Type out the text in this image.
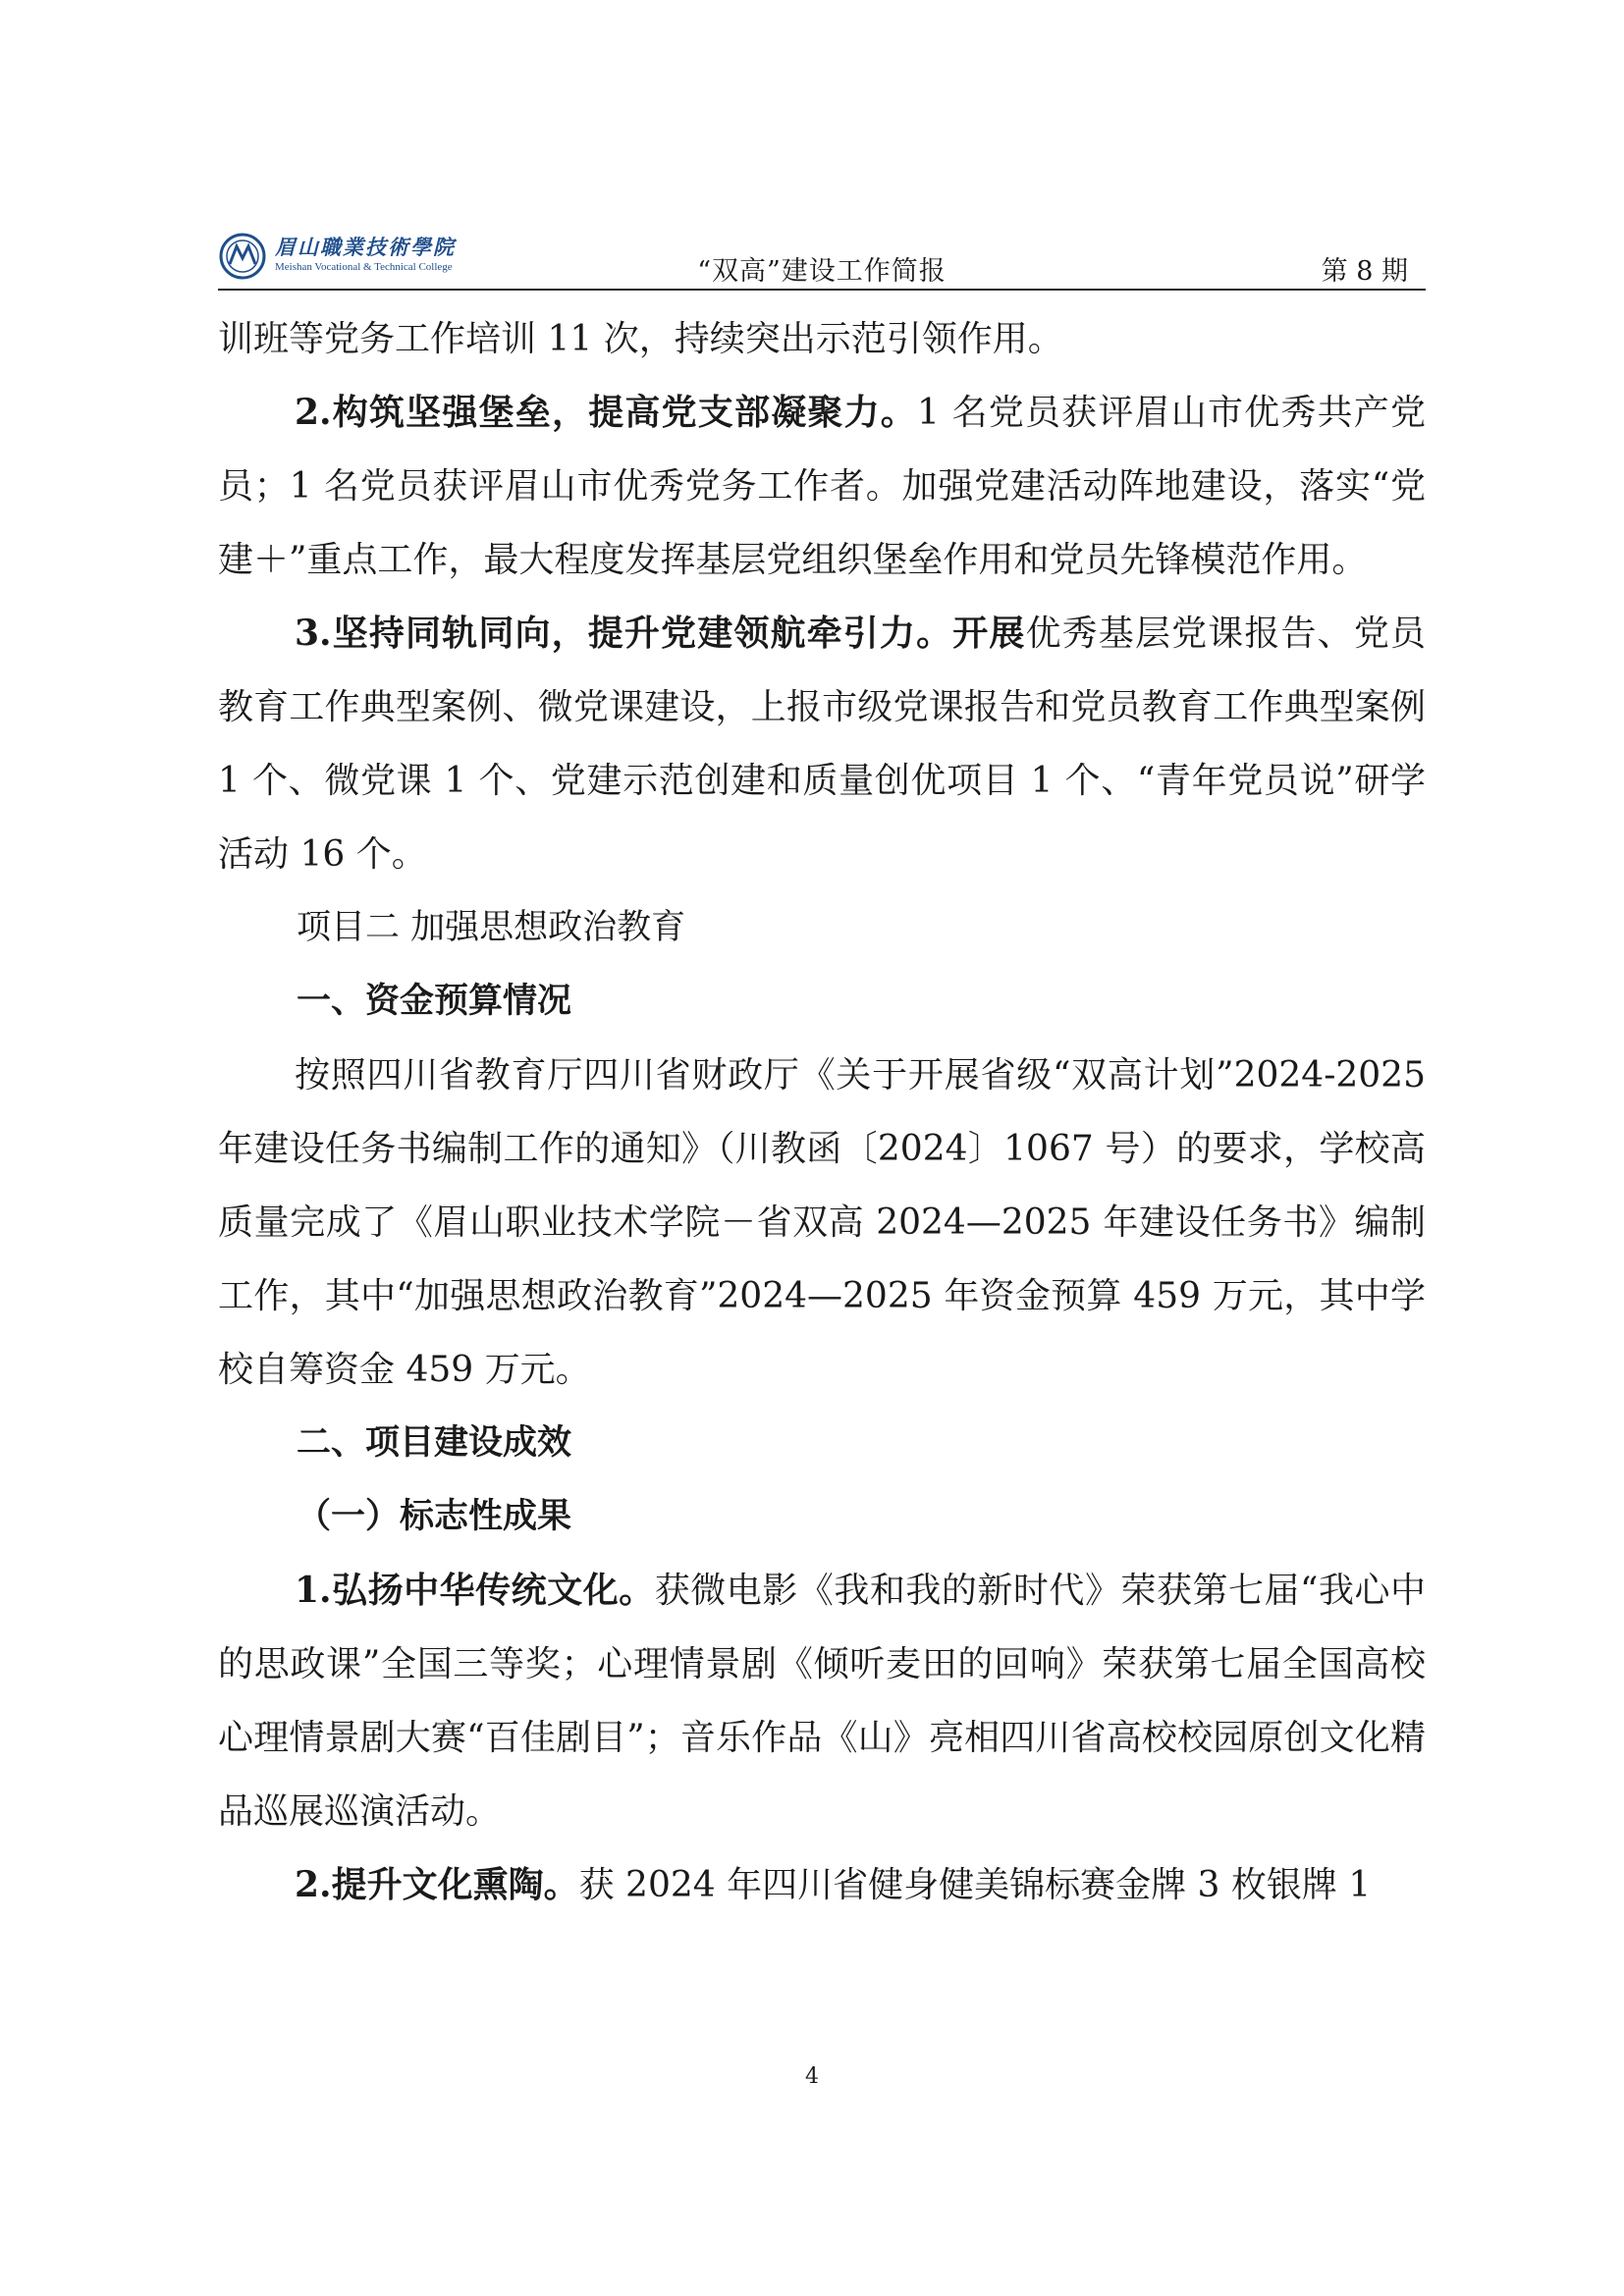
眉山職業技術學院
Meishan Vocational & Technical College	“双高”建设工作简报	第 8 期

训班等党务工作培训 11 次，持续突出示范引领作用。

2.构筑坚强堡垒，提高党支部凝聚力。1 名党员获评眉山市优秀共产党员；1 名党员获评眉山市优秀党务工作者。加强党建活动阵地建设，落实“党建＋”重点工作，最大程度发挥基层党组织堡垒作用和党员先锋模范作用。

3.坚持同轨同向，提升党建领航牵引力。开展优秀基层党课报告、党员教育工作典型案例、微党课建设，上报市级党课报告和党员教育工作典型案例 1 个、微党课 1 个、党建示范创建和质量创优项目 1 个、“青年党员说”研学活动 16 个。

项目二 加强思想政治教育
一、资金预算情况

按照四川省教育厅四川省财政厅《关于开展省级“双高计划”2024-2025 年建设任务书编制工作的通知》（川教函〔2024〕1067 号）的要求，学校高质量完成了《眉山职业技术学院－省双高 2024—2025 年建设任务书》编制工作，其中“加强思想政治教育”2024—2025 年资金预算 459 万元，其中学校自筹资金 459 万元。

二、项目建设成效
（一）标志性成果

1.弘扬中华传统文化。获微电影《我和我的新时代》荣获第七届“我心中的思政课”全国三等奖；心理情景剧《倾听麦田的回响》荣获第七届全国高校心理情景剧大赛“百佳剧目”；音乐作品《山》亮相四川省高校校园原创文化精品巡展巡演活动。

2.提升文化熏陶。获 2024 年四川省健身健美锦标赛金牌 3 枚银牌 1

4
